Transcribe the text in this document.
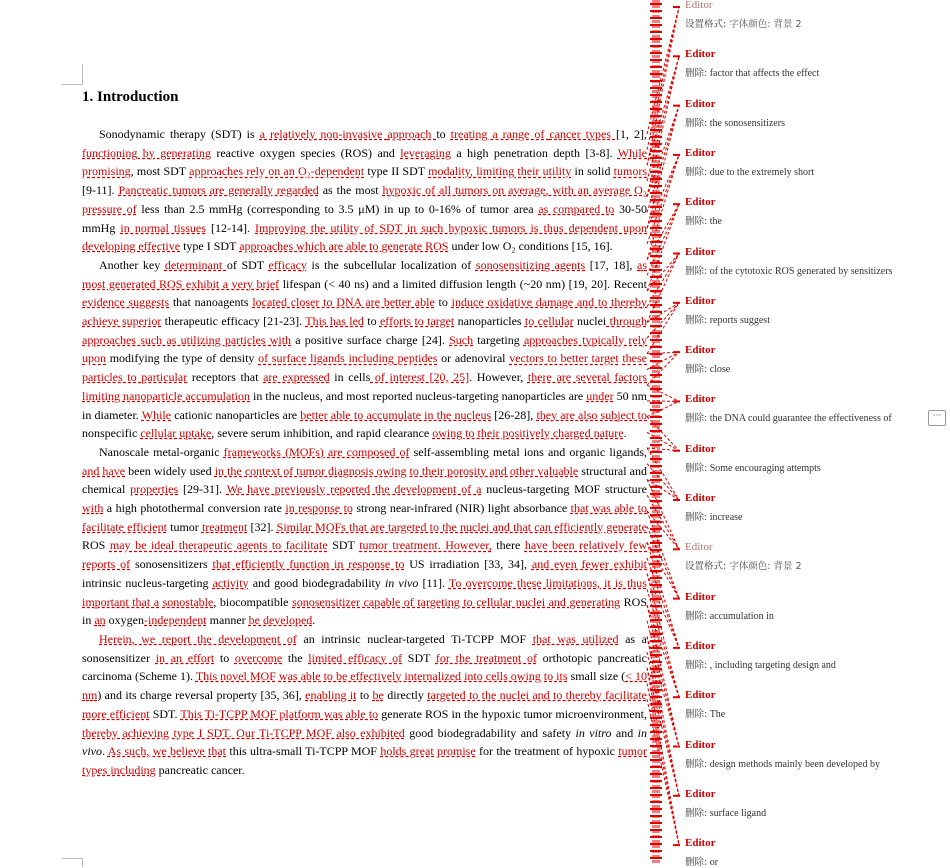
1. Introduction

Sonodynamic therapy (SDT) is a relatively non-invasive approach to treating a range of cancer types [1, 2], functioning by generating reactive oxygen species (ROS) and leveraging a high penetration depth [3-8]. While promising, most SDT approaches rely on an O₂-dependent type II SDT modality, limiting their utility in solid tumors [9-11]. Pancreatic tumors are generally regarded as the most hypoxic of all tumors on average, with an average O₂ pressure of less than 2.5 mmHg (corresponding to 3.5 μM) in up to 0-16% of tumor area as compared to 30-50 mmHg in normal tissues [12-14]. Improving the utility of SDT in such hypoxic tumors is thus dependent upon developing effective type I SDT approaches which are able to generate ROS under low O₂ conditions [15, 16].

Another key determinant of SDT efficacy is the subcellular localization of sonosensitizing agents [17, 18], as most generated ROS exhibit a very brief lifespan (< 40 ns) and a limited diffusion length (~20 nm) [19, 20]. Recent evidence suggests that nanoagents located closer to DNA are better able to induce oxidative damage and to thereby achieve superior therapeutic efficacy [21-23]. This has led to efforts to target nanoparticles to cellular nuclei through approaches such as utilizing particles with a positive surface charge [24]. Such targeting approaches typically rely upon modifying the type of density of surface ligands including peptides or adenoviral vectors to better target these particles to particular receptors that are expressed in cells of interest [20, 25]. However, there are several factors limiting nanoparticle accumulation in the nucleus, and most reported nucleus-targeting nanoparticles are under 50 nm in diameter. While cationic nanoparticles are better able to accumulate in the nucleus [26-28], they are also subject to nonspecific cellular uptake, severe serum inhibition, and rapid clearance owing to their positively charged nature.

Nanoscale metal-organic frameworks (MOFs) are composed of self-assembling metal ions and organic ligands, and have been widely used in the context of tumor diagnosis owing to their porosity and other valuable structural and chemical properties [29-31]. We have previously reported the development of a nucleus-targeting MOF structure with a high photothermal conversion rate in response to strong near-infrared (NIR) light absorbance that was able to facilitate efficient tumor treatment [32]. Similar MOFs that are targeted to the nuclei and that can efficiently generate ROS may be ideal therapeutic agents to facilitate SDT tumor treatment. However, there have been relatively few reports of sonosensitizers that efficiently function in response to US irradiation [33, 34], and even fewer exhibit intrinsic nucleus-targeting activity and good biodegradability in vivo [11]. To overcome these limitations, it is thus important that a sonostable, biocompatible sonosensitizer capable of targeting to cellular nuclei and generating ROS in an oxygen-independent manner be developed.

Herein, we report the development of an intrinsic nuclear-targeted Ti-TCPP MOF that was utilized as a sonosensitizer in an effort to overcome the limited efficacy of SDT for the treatment of orthotopic pancreatic carcinoma (Scheme 1). This novel MOF was able to be effectively internalized into cells owing to its small size (< 10 nm) and its charge reversal property [35, 36], enabling it to be directly targeted to the nuclei and to thereby facilitate more efficient SDT. This Ti-TCPP MOF platform was able to generate ROS in the hypoxic tumor microenvironment, thereby achieving type I SDT. Our Ti-TCPP MOF also exhibited good biodegradability and safety in vitro and in vivo. As such, we believe that this ultra-small Ti-TCPP MOF holds great promise for the treatment of hypoxic tumor types including pancreatic cancer.

Editor
设置格式: 字体颜色: 背景 2
Editor
删除: factor that affects the effect
Editor
删除: the sonosensitizers
Editor
删除: due to the extremely short
Editor
删除: the
Editor
删除: of the cytotoxic ROS generated by sensitizers
Editor
删除: reports suggest
Editor
删除: close
Editor
删除: the DNA could guarantee the effectiveness of
Editor
删除: Some encouraging attempts
Editor
删除: increase
Editor
设置格式: 字体颜色: 背景 2
Editor
删除: accumulation in
Editor
删除: , including targeting design and
Editor
删除: The
Editor
删除: design methods mainly been developed by
Editor
删除: surface ligand
Editor
删除: or
···
